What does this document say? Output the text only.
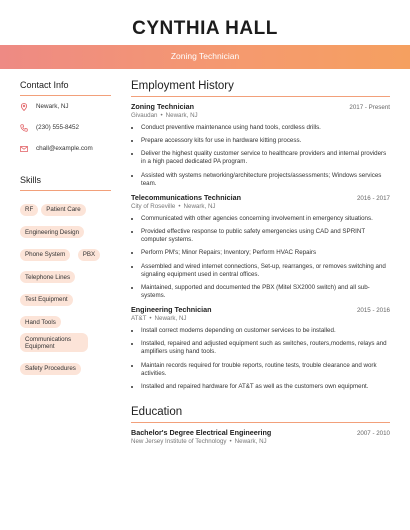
CYNTHIA HALL
Zoning Technician
Contact Info
Newark, NJ
(230) 555-8452
chall@example.com
Skills
RF Patient Care Engineering Design Phone System	PBX Telephone Lines Test Equipment Hand Tools Communications Equipment Safety Procedures
Employment History
Zoning Technician	2017 - Present
Givaudan • Newark, NJ
• Conduct preventive maintenance using hand tools, cordless drills.
• Prepare accessory kits for use in hardware kitting process.
• Deliver the highest quality customer service to healthcare providers and internal providers in a high paced dedicated PA program.
• Assisted with systems networking/architecture projects/assessments; Windows services team.
Telecommunications Technician	2016 - 2017
City of Roseville • Newark, NJ
• Communicated with other agencies concerning involvement in emergency situations.
• Provided effective response to public safety emergencies using CAD and SPRINT computer systems.
• Perform PM's; Minor Repairs; Inventory; Perform HVAC Repairs
• Assembled and wired internet connections, Set-up, rearranges, or removes switching and signaling equipment used in central offices.
• Maintained, supported and documented the PBX (Mitel SX2000 switch) and all sub-systems.
Engineering Technician	2015 - 2016
AT&T • Newark, NJ
• Install correct modems depending on customer services to be installed.
• Installed, repaired and adjusted equipment such as switches, routers,modems, relays and amplifiers using hand tools.
• Maintain records required for trouble reports, routine tests, trouble clearance and work activities.
• Installed and repaired hardware for AT&T as well as the customers own equipment.
Education
Bachelor's Degree Electrical Engineering	2007 - 2010
New Jersey Institute of Technology • Newark, NJ
